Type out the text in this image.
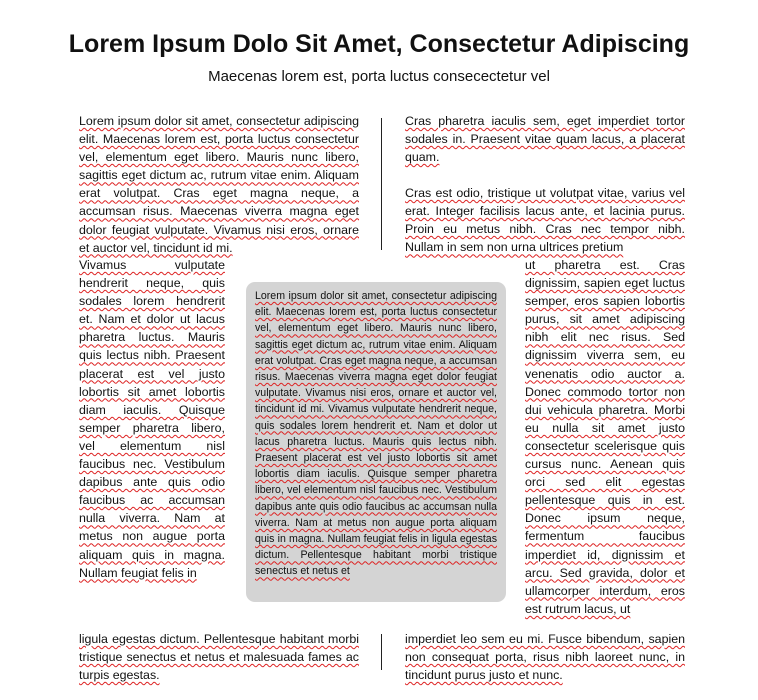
Lorem Ipsum Dolo Sit Amet, Consectetur Adipiscing
Maecenas lorem est, porta luctus consecectetur vel

Lorem ipsum dolor sit amet, consectetur adipiscing elit. Maecenas lorem est, porta luctus consectetur vel, elementum eget libero. Mauris nunc libero, sagittis eget dictum ac, rutrum vitae enim. Aliquam erat volutpat. Cras eget magna neque, a accumsan risus. Maecenas viverra magna eget dolor feugiat vulputate. Vivamus nisi eros, ornare et auctor vel, tincidunt id mi.

Vivamus vulputate hendrerit neque, quis sodales lorem hendrerit et. Nam et dolor ut lacus pharetra luctus. Mauris quis lectus nibh. Praesent placerat est vel justo lobortis sit amet lobortis diam iaculis. Quisque semper pharetra libero, vel elementum nisl faucibus nec. Vestibulum dapibus ante quis odio faucibus ac accumsan nulla viverra. Nam at metus non augue porta aliquam quis in magna. Nullam feugiat felis in

ligula egestas dictum. Pellentesque habitant morbi tristique senectus et netus et malesuada fames ac turpis egestas.

Cras pharetra iaculis sem, eget imperdiet tortor sodales in. Praesent vitae quam lacus, a placerat quam.

Cras est odio, tristique ut volutpat vitae, varius vel erat. Integer facilisis lacus ante, et lacinia purus. Proin eu metus nibh. Cras nec tempor nibh. Nullam in sem non urna ultrices pretium

ut pharetra est. Cras dignissim, sapien eget luctus semper, eros sapien lobortis purus, sit amet adipiscing nibh elit nec risus. Sed dignissim viverra sem, eu venenatis odio auctor a. Donec commodo tortor non dui vehicula pharetra. Morbi eu nulla sit amet justo consectetur scelerisque quis cursus nunc. Aenean quis orci sed elit egestas pellentesque quis in est. Donec ipsum neque, fermentum faucibus imperdiet id, dignissim et arcu. Sed gravida, dolor et ullamcorper interdum, eros est rutrum lacus, ut

imperdiet leo sem eu mi. Fusce bibendum, sapien non consequat porta, risus nibh laoreet nunc, in tincidunt purus justo et nunc.

Lorem ipsum dolor sit amet, consectetur adipiscing elit. Maecenas lorem est, porta luctus consectetur vel, elementum eget libero. Mauris nunc libero, sagittis eget dictum ac, rutrum vitae enim. Aliquam erat volutpat. Cras eget magna neque, a accumsan risus. Maecenas viverra magna eget dolor feugiat vulputate. Vivamus nisi eros, ornare et auctor vel, tincidunt id mi. Vivamus vulputate hendrerit neque, quis sodales lorem hendrerit et. Nam et dolor ut lacus pharetra luctus. Mauris quis lectus nibh. Praesent placerat est vel justo lobortis sit amet lobortis diam iaculis. Quisque semper pharetra libero, vel elementum nisl faucibus nec. Vestibulum dapibus ante quis odio faucibus ac accumsan nulla viverra. Nam at metus non augue porta aliquam quis in magna. Nullam feugiat felis in ligula egestas dictum. Pellentesque habitant morbi tristique senectus et netus et
